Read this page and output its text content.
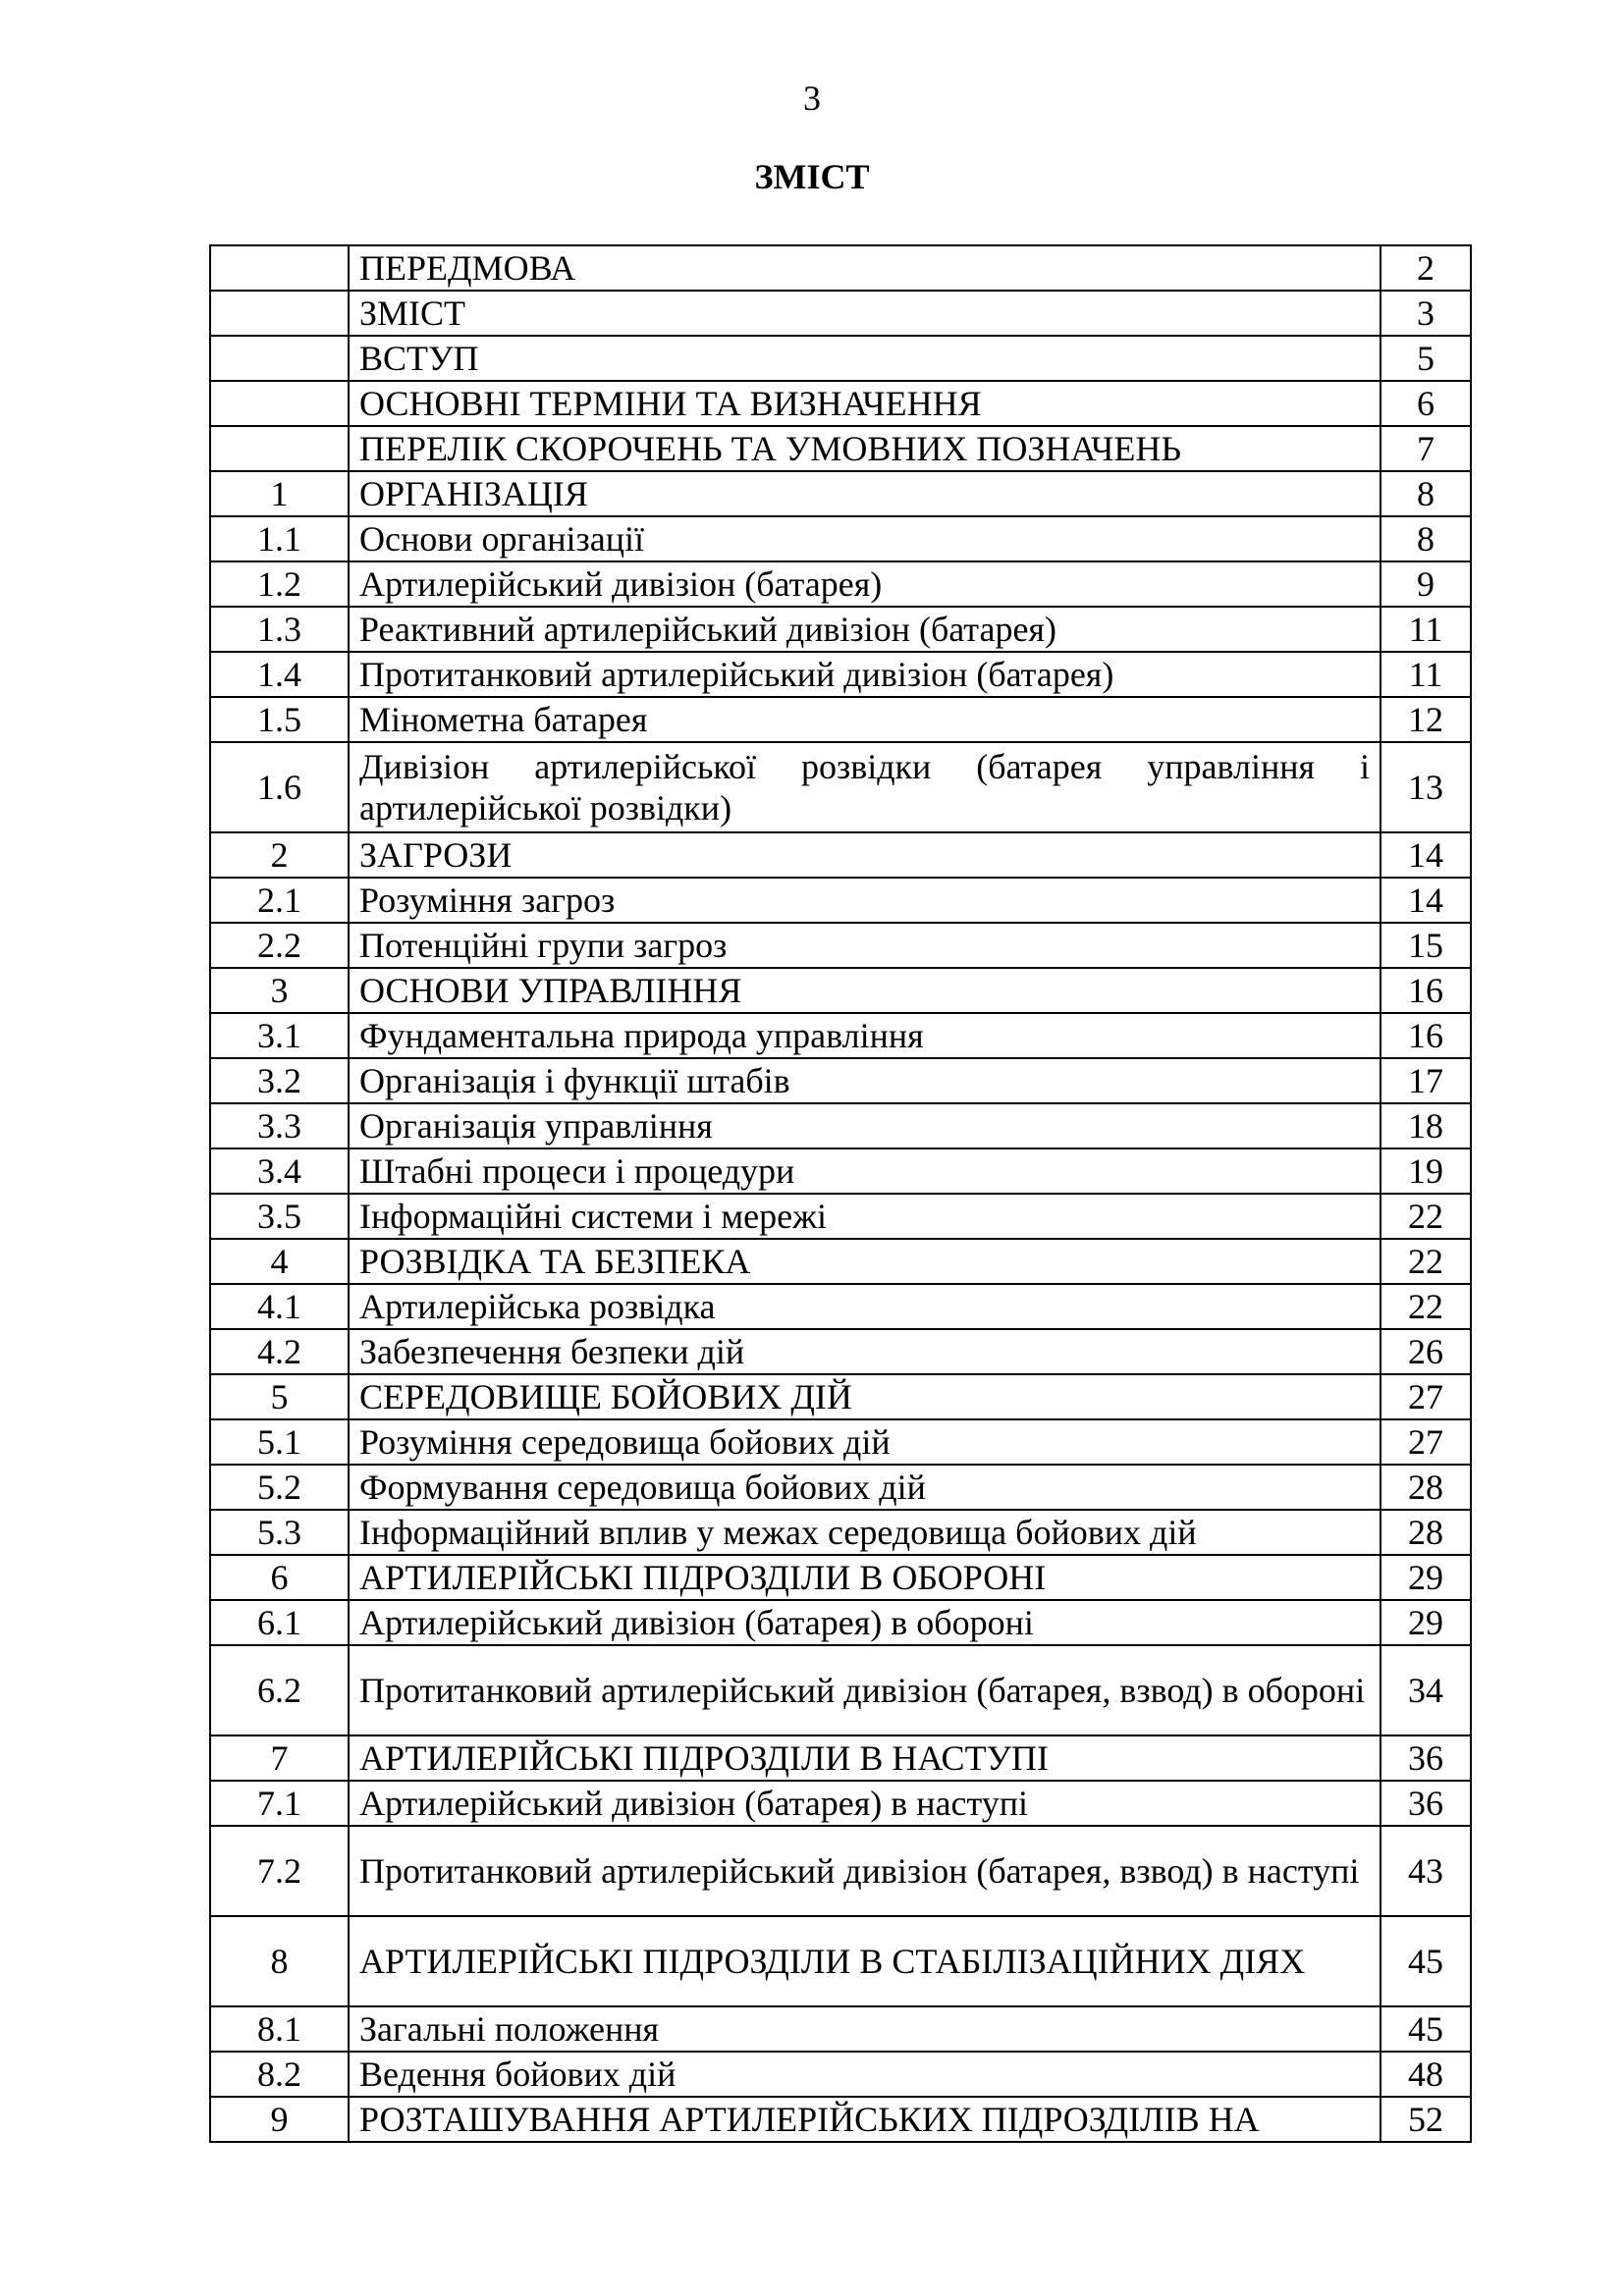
3
ЗМІСТ
	ПЕРЕДМОВА	2
	ЗМІСТ	3
	ВСТУП	5
	ОСНОВНІ ТЕРМІНИ ТА ВИЗНАЧЕННЯ	6
	ПЕРЕЛІК СКОРОЧЕНЬ ТА УМОВНИХ ПОЗНАЧЕНЬ	7
1	ОРГАНІЗАЦІЯ	8
1.1	Основи організації	8
1.2	Артилерійський дивізіон (батарея)	9
1.3	Реактивний артилерійський дивізіон (батарея)	11
1.4	Протитанковий артилерійський дивізіон (батарея)	11
1.5	Мінометна батарея	12
1.6	Дивізіон артилерійської розвідки (батарея управління і артилерійської розвідки)	13
2	ЗАГРОЗИ	14
2.1	Розуміння загроз	14
2.2	Потенційні групи загроз	15
3	ОСНОВИ УПРАВЛІННЯ	16
3.1	Фундаментальна природа управління	16
3.2	Організація і функції штабів	17
3.3	Організація управління	18
3.4	Штабні процеси і процедури	19
3.5	Інформаційні системи і мережі	22
4	РОЗВІДКА ТА БЕЗПЕКА	22
4.1	Артилерійська розвідка	22
4.2	Забезпечення безпеки дій	26
5	СЕРЕДОВИЩЕ БОЙОВИХ ДІЙ	27
5.1	Розуміння середовища бойових дій	27
5.2	Формування середовища бойових дій	28
5.3	Інформаційний вплив у межах середовища бойових дій	28
6	АРТИЛЕРІЙСЬКІ ПІДРОЗДІЛИ В ОБОРОНІ	29
6.1	Артилерійський дивізіон (батарея) в обороні	29
6.2	Протитанковий артилерійський дивізіон (батарея, взвод) в обороні	34
7	АРТИЛЕРІЙСЬКІ ПІДРОЗДІЛИ В НАСТУПІ	36
7.1	Артилерійський дивізіон (батарея) в наступі	36
7.2	Протитанковий артилерійський дивізіон (батарея, взвод) в наступі	43
8	АРТИЛЕРІЙСЬКІ ПІДРОЗДІЛИ В СТАБІЛІЗАЦІЙНИХ ДІЯХ	45
8.1	Загальні положення	45
8.2	Ведення бойових дій	48
9	РОЗТАШУВАННЯ АРТИЛЕРІЙСЬКИХ ПІДРОЗДІЛІВ НА	52
